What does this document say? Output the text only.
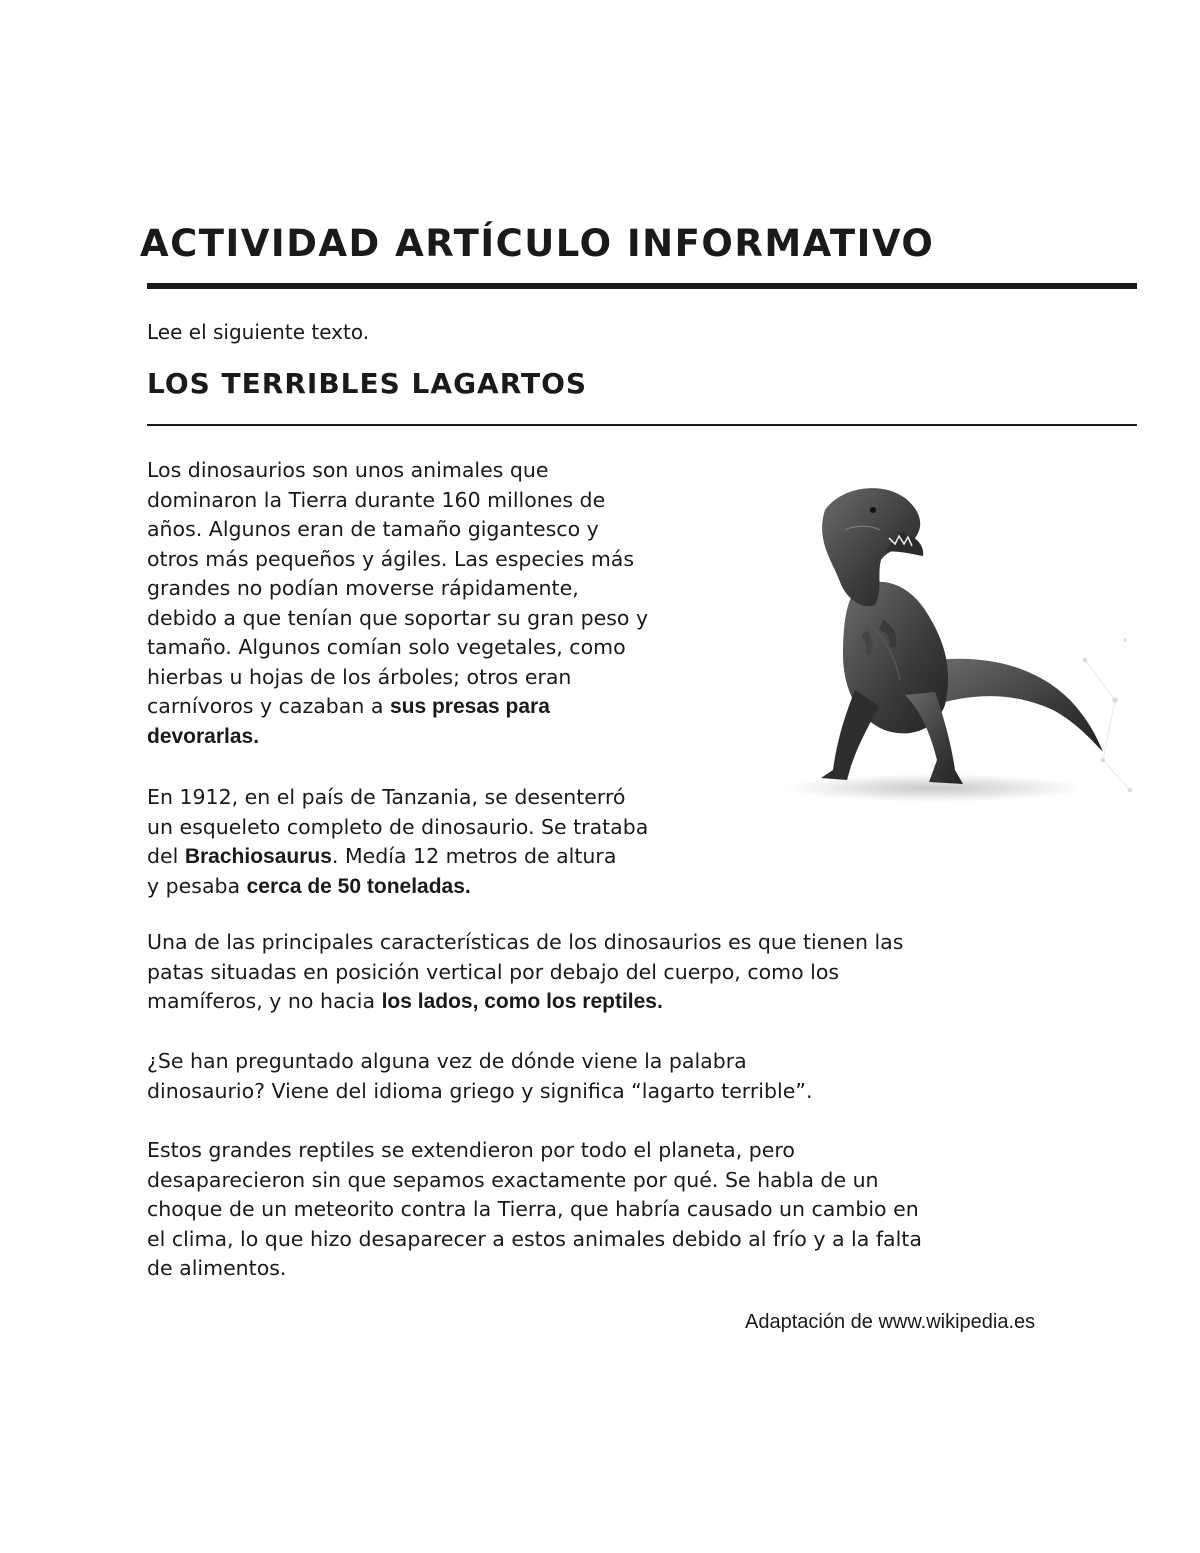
ACTIVIDAD ARTÍCULO INFORMATIVO

Lee el siguiente texto.

LOS TERRIBLES LAGARTOS

Los dinosaurios son unos animales que
dominaron la Tierra durante 160 millones de
años. Algunos eran de tamaño gigantesco y
otros más pequeños y ágiles. Las especies más
grandes no podían moverse rápidamente,
debido a que tenían que soportar su gran peso y
tamaño. Algunos comían solo vegetales, como
hierbas u hojas de los árboles; otros eran
carnívoros y cazaban a sus presas para
devorarlas.

En 1912, en el país de Tanzania, se desenterró
un esqueleto completo de dinosaurio. Se trataba
del Brachiosaurus. Medía 12 metros de altura
y pesaba cerca de 50 toneladas.

Una de las principales características de los dinosaurios es que tienen las
patas situadas en posición vertical por debajo del cuerpo, como los
mamíferos, y no hacia los lados, como los reptiles.

¿Se han preguntado alguna vez de dónde viene la palabra
dinosaurio? Viene del idioma griego y significa “lagarto terrible”.

Estos grandes reptiles se extendieron por todo el planeta, pero
desaparecieron sin que sepamos exactamente por qué. Se habla de un
choque de un meteorito contra la Tierra, que habría causado un cambio en
el clima, lo que hizo desaparecer a estos animales debido al frío y a la falta
de alimentos.

Adaptación de www.wikipedia.es
